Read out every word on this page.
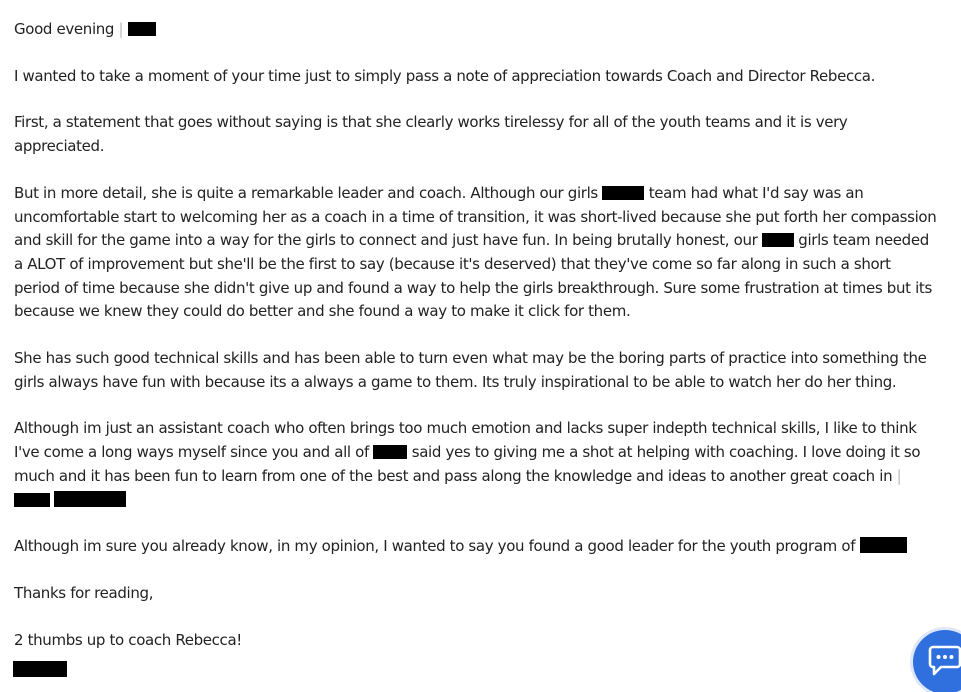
Good evening |

I wanted to take a moment of your time just to simply pass a note of appreciation towards Coach and Director Rebecca.

First, a statement that goes without saying is that she clearly works tirelessy for all of the youth teams and it is very appreciated.

But in more detail, she is quite a remarkable leader and coach. Although our girls	team had what I'd say was an uncomfortable start to welcoming her as a coach in a time of transition, it was short-lived because she put forth her compassion and skill for the game into a way for the girls to connect and just have fun. In being brutally honest, our	girls team needed a ALOT of improvement but she'll be the first to say (because it's deserved) that they've come so far along in such a short period of time because she didn't give up and found a way to help the girls breakthrough. Sure some frustration at times but its because we knew they could do better and she found a way to make it click for them.

She has such good technical skills and has been able to turn even what may be the boring parts of practice into something the girls always have fun with because its a always a game to them. Its truly inspirational to be able to watch her do her thing.

Although im just an assistant coach who often brings too much emotion and lacks super indepth technical skills, I like to think I've come a long ways myself since you and all of	said yes to giving me a shot at helping with coaching. I love doing it so much and it has been fun to learn from one of the best and pass along the knowledge and ideas to another great coach in |

Although im sure you already know, in my opinion, I wanted to say you found a good leader for the youth program of

Thanks for reading,

2 thumbs up to coach Rebecca!
